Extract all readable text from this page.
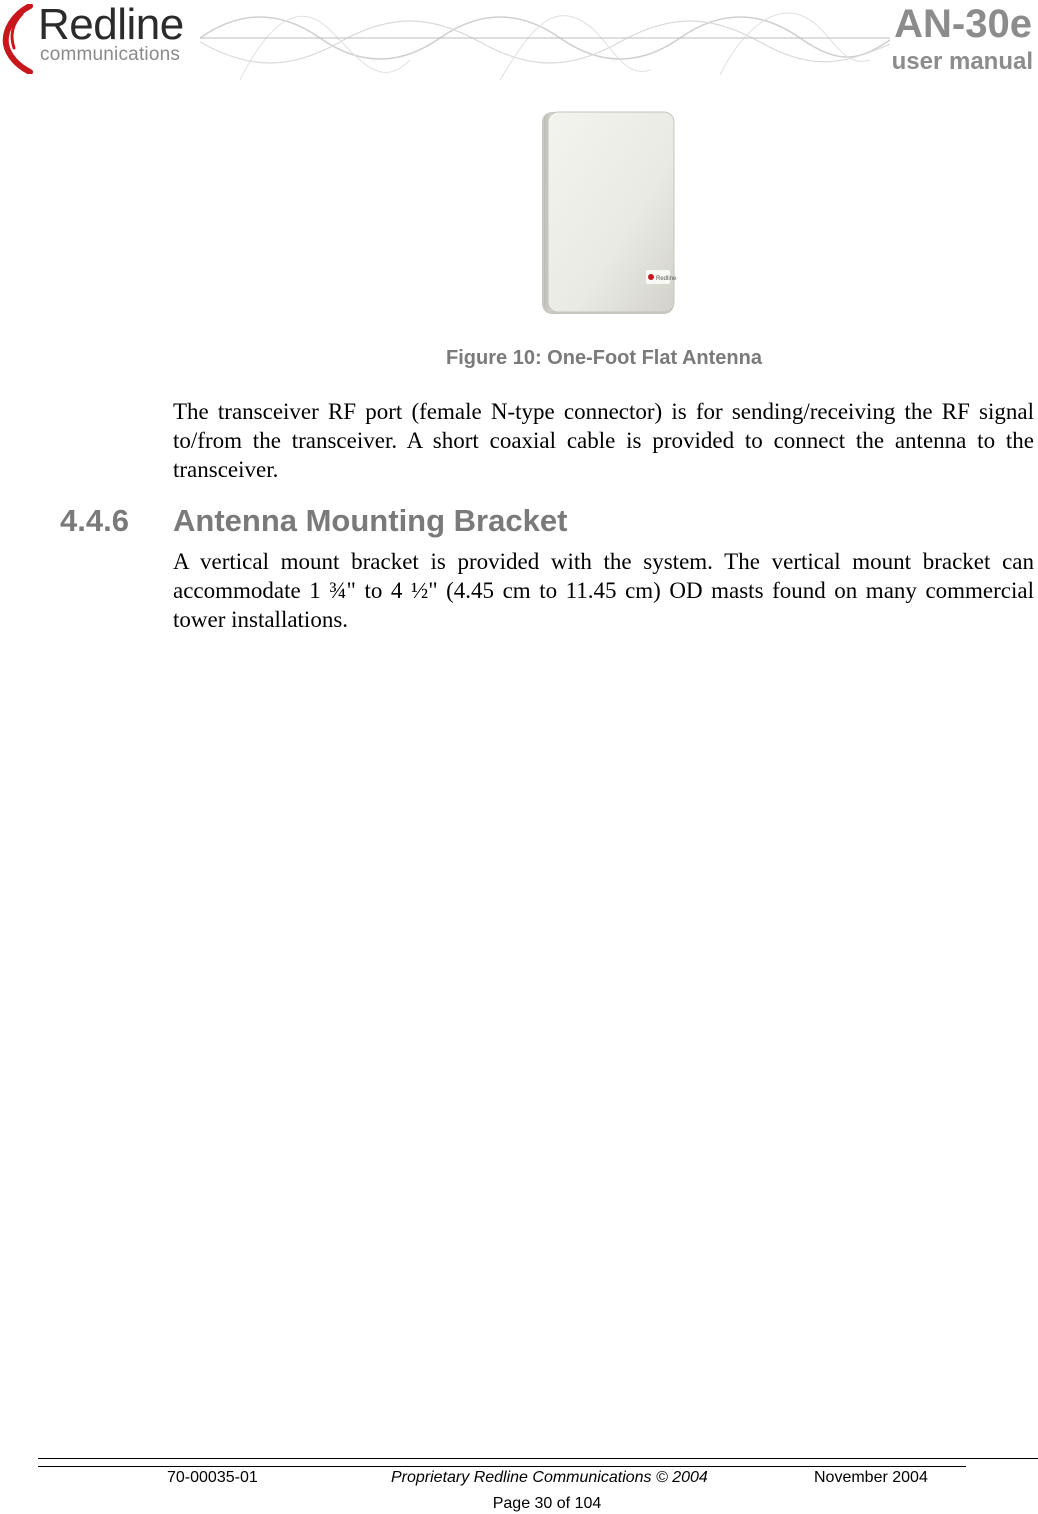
Redline
communications
AN-30e
user manual
Redline
Figure 10: One-Foot Flat Antenna

The transceiver RF port (female N-type connector) is for sending/receiving the RF signal to/from the transceiver. A short coaxial cable is provided to connect the antenna to the transceiver.

4.4.6 Antenna Mounting Bracket

A vertical mount bracket is provided with the system. The vertical mount bracket can accommodate 1 ¾" to 4 ½" (4.45 cm to 11.45 cm) OD masts found on many commercial tower installations.

70-00035-01	Proprietary Redline Communications © 2004	November 2004
Page 30 of 104
